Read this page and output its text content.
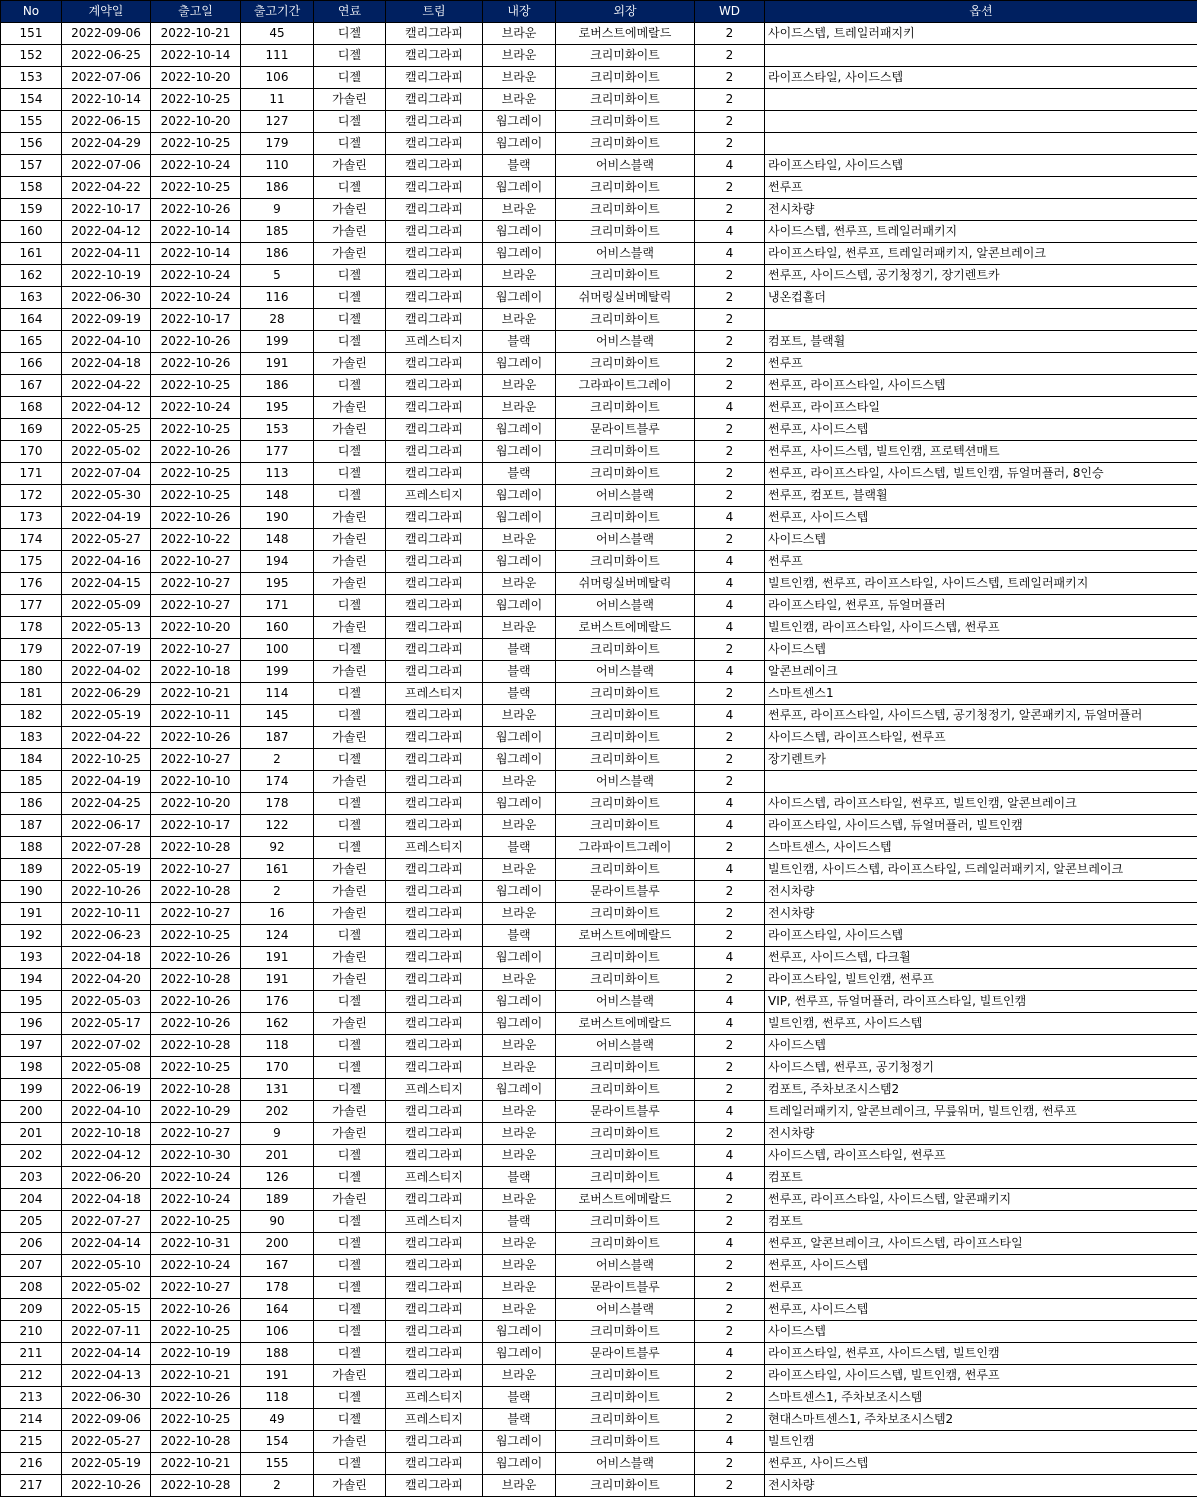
No	계약일	출고일	출고기간	연료	트림	내장	외장	WD	옵션
151	2022-09-06	2022-10-21	45	디젤	캘리그라피	브라운	로버스트에메랄드	2	사이드스텝, 트레일러패지키
152	2022-06-25	2022-10-14	111	디젤	캘리그라피	브라운	크리미화이트	2	
153	2022-07-06	2022-10-20	106	디젤	캘리그라피	브라운	크리미화이트	2	라이프스타일, 사이드스텝
154	2022-10-14	2022-10-25	11	가솔린	캘리그라피	브라운	크리미화이트	2	
155	2022-06-15	2022-10-20	127	디젤	캘리그라피	웜그레이	크리미화이트	2	
156	2022-04-29	2022-10-25	179	디젤	캘리그라피	웜그레이	크리미화이트	2	
157	2022-07-06	2022-10-24	110	가솔린	캘리그라피	블랙	어비스블랙	4	라이프스타일, 사이드스텝
158	2022-04-22	2022-10-25	186	디젤	캘리그라피	웜그레이	크리미화이트	2	썬루프
159	2022-10-17	2022-10-26	9	가솔린	캘리그라피	브라운	크리미화이트	2	전시차량
160	2022-04-12	2022-10-14	185	가솔린	캘리그라피	웜그레이	크리미화이트	4	사이드스텝, 썬루프, 트레일러패키지
161	2022-04-11	2022-10-14	186	가솔린	캘리그라피	웜그레이	어비스블랙	4	라이프스타일, 썬루프, 트레일러패키지, 알콘브레이크
162	2022-10-19	2022-10-24	5	디젤	캘리그라피	브라운	크리미화이트	2	썬루프, 사이드스텝, 공기청정기, 장기렌트카
163	2022-06-30	2022-10-24	116	디젤	캘리그라피	웜그레이	쉬머링실버메탈릭	2	냉온컵홀더
164	2022-09-19	2022-10-17	28	디젤	캘리그라피	브라운	크리미화이트	2	
165	2022-04-10	2022-10-26	199	디젤	프레스티지	블랙	어비스블랙	2	컴포트, 블랙휠
166	2022-04-18	2022-10-26	191	가솔린	캘리그라피	웜그레이	크리미화이트	2	썬루프
167	2022-04-22	2022-10-25	186	디젤	캘리그라피	브라운	그라파이트그레이	2	썬루프, 라이프스타일, 사이드스텝
168	2022-04-12	2022-10-24	195	가솔린	캘리그라피	브라운	크리미화이트	4	썬루프, 라이프스타일
169	2022-05-25	2022-10-25	153	가솔린	캘리그라피	웜그레이	문라이트블루	2	썬루프, 사이드스텝
170	2022-05-02	2022-10-26	177	디젤	캘리그라피	웜그레이	크리미화이트	2	썬루프, 사이드스텝, 빌트인캠, 프로텍션매트
171	2022-07-04	2022-10-25	113	디젤	캘리그라피	블랙	크리미화이트	2	썬루프, 라이프스타일, 사이드스텝, 빌트인캠, 듀얼머플러, 8인승
172	2022-05-30	2022-10-25	148	디젤	프레스티지	웜그레이	어비스블랙	2	썬루프, 컴포트, 블랙휠
173	2022-04-19	2022-10-26	190	가솔린	캘리그라피	웜그레이	크리미화이트	4	썬루프, 사이드스텝
174	2022-05-27	2022-10-22	148	가솔린	캘리그라피	브라운	어비스블랙	2	사이드스텝
175	2022-04-16	2022-10-27	194	가솔린	캘리그라피	웜그레이	크리미화이트	4	썬루프
176	2022-04-15	2022-10-27	195	가솔린	캘리그라피	브라운	쉬머링실버메탈릭	4	빌트인캠, 썬루프, 라이프스타일, 사이드스텝, 트레일러패키지
177	2022-05-09	2022-10-27	171	디젤	캘리그라피	웜그레이	어비스블랙	4	라이프스타일, 썬루프, 듀얼머플러
178	2022-05-13	2022-10-20	160	가솔린	캘리그라피	브라운	로버스트에메랄드	4	빌트인캠, 라이프스타일, 사이드스텝, 썬루프
179	2022-07-19	2022-10-27	100	디젤	캘리그라피	블랙	크리미화이트	2	사이드스텝
180	2022-04-02	2022-10-18	199	가솔린	캘리그라피	블랙	어비스블랙	4	알콘브레이크
181	2022-06-29	2022-10-21	114	디젤	프레스티지	블랙	크리미화이트	2	스마트센스1
182	2022-05-19	2022-10-11	145	디젤	캘리그라피	브라운	크리미화이트	4	썬루프, 라이프스타일, 사이드스텝, 공기청정기, 알콘패키지, 듀얼머플러
183	2022-04-22	2022-10-26	187	가솔린	캘리그라피	웜그레이	크리미화이트	2	사이드스텝, 라이프스타일, 썬루프
184	2022-10-25	2022-10-27	2	디젤	캘리그라피	웜그레이	크리미화이트	2	장기렌트카
185	2022-04-19	2022-10-10	174	가솔린	캘리그라피	브라운	어비스블랙	2	
186	2022-04-25	2022-10-20	178	디젤	캘리그라피	웜그레이	크리미화이트	4	사이드스텝, 라이프스타일, 썬루프, 빌트인캠, 알콘브레이크
187	2022-06-17	2022-10-17	122	디젤	캘리그라피	브라운	크리미화이트	4	라이프스타일, 사이드스텝, 듀얼머플러, 빌트인캠
188	2022-07-28	2022-10-28	92	디젤	프레스티지	블랙	그라파이트그레이	2	스마트센스, 사이드스텝
189	2022-05-19	2022-10-27	161	가솔린	캘리그라피	브라운	크리미화이트	4	빌트인캠, 사이드스텝, 라이프스타일, 드레일러패키지, 알콘브레이크
190	2022-10-26	2022-10-28	2	가솔린	캘리그라피	웜그레이	문라이트블루	2	전시차량
191	2022-10-11	2022-10-27	16	가솔린	캘리그라피	브라운	크리미화이트	2	전시차량
192	2022-06-23	2022-10-25	124	디젤	캘리그라피	블랙	로버스트에메랄드	2	라이프스타일, 사이드스텝
193	2022-04-18	2022-10-26	191	가솔린	캘리그라피	웜그레이	크리미화이트	4	썬루프, 사이드스텝, 다크휠
194	2022-04-20	2022-10-28	191	가솔린	캘리그라피	브라운	크리미화이트	2	라이프스타일, 빌트인캠, 썬루프
195	2022-05-03	2022-10-26	176	디젤	캘리그라피	웜그레이	어비스블랙	4	VIP, 썬루프, 듀얼머플러, 라이프스타일, 빌트인캠
196	2022-05-17	2022-10-26	162	가솔린	캘리그라피	웜그레이	로버스트에메랄드	4	빌트인캠, 썬루프, 사이드스텝
197	2022-07-02	2022-10-28	118	디젤	캘리그라피	브라운	어비스블랙	2	사이드스텝
198	2022-05-08	2022-10-25	170	디젤	캘리그라피	브라운	크리미화이트	2	사이드스텝, 썬루프, 공기청정기
199	2022-06-19	2022-10-28	131	디젤	프레스티지	웜그레이	크리미화이트	2	컴포트, 주차보조시스템2
200	2022-04-10	2022-10-29	202	가솔린	캘리그라피	브라운	문라이트블루	4	트레일러패키지, 알콘브레이크, 무릎워머, 빌트인캠, 썬루프
201	2022-10-18	2022-10-27	9	가솔린	캘리그라피	브라운	크리미화이트	2	전시차량
202	2022-04-12	2022-10-30	201	디젤	캘리그라피	브라운	크리미화이트	4	사이드스텝, 라이프스타일, 썬루프
203	2022-06-20	2022-10-24	126	디젤	프레스티지	블랙	크리미화이트	4	컴포트
204	2022-04-18	2022-10-24	189	가솔린	캘리그라피	브라운	로버스트에메랄드	2	썬루프, 라이프스타일, 사이드스텝, 알콘패키지
205	2022-07-27	2022-10-25	90	디젤	프레스티지	블랙	크리미화이트	2	컴포트
206	2022-04-14	2022-10-31	200	디젤	캘리그라피	브라운	크리미화이트	4	썬루프, 알콘브레이크, 사이드스텝, 라이프스타일
207	2022-05-10	2022-10-24	167	디젤	캘리그라피	브라운	어비스블랙	2	썬루프, 사이드스텝
208	2022-05-02	2022-10-27	178	디젤	캘리그라피	브라운	문라이트블루	2	썬루프
209	2022-05-15	2022-10-26	164	디젤	캘리그라피	브라운	어비스블랙	2	썬루프, 사이드스텝
210	2022-07-11	2022-10-25	106	디젤	캘리그라피	웜그레이	크리미화이트	2	사이드스텝
211	2022-04-14	2022-10-19	188	디젤	캘리그라피	웜그레이	문라이트블루	4	라이프스타일, 썬루프, 사이드스텝, 빌트인캠
212	2022-04-13	2022-10-21	191	가솔린	캘리그라피	브라운	크리미화이트	2	라이프스타일, 사이드스텝, 빌트인캠, 썬루프
213	2022-06-30	2022-10-26	118	디젤	프레스티지	블랙	크리미화이트	2	스마트센스1, 주차보조시스템
214	2022-09-06	2022-10-25	49	디젤	프레스티지	블랙	크리미화이트	2	현대스마트센스1, 주차보조시스템2
215	2022-05-27	2022-10-28	154	가솔린	캘리그라피	웜그레이	크리미화이트	4	빌트인캠
216	2022-05-19	2022-10-21	155	디젤	캘리그라피	웜그레이	어비스블랙	2	썬루프, 사이드스텝
217	2022-10-26	2022-10-28	2	가솔린	캘리그라피	브라운	크리미화이트	2	전시차량
